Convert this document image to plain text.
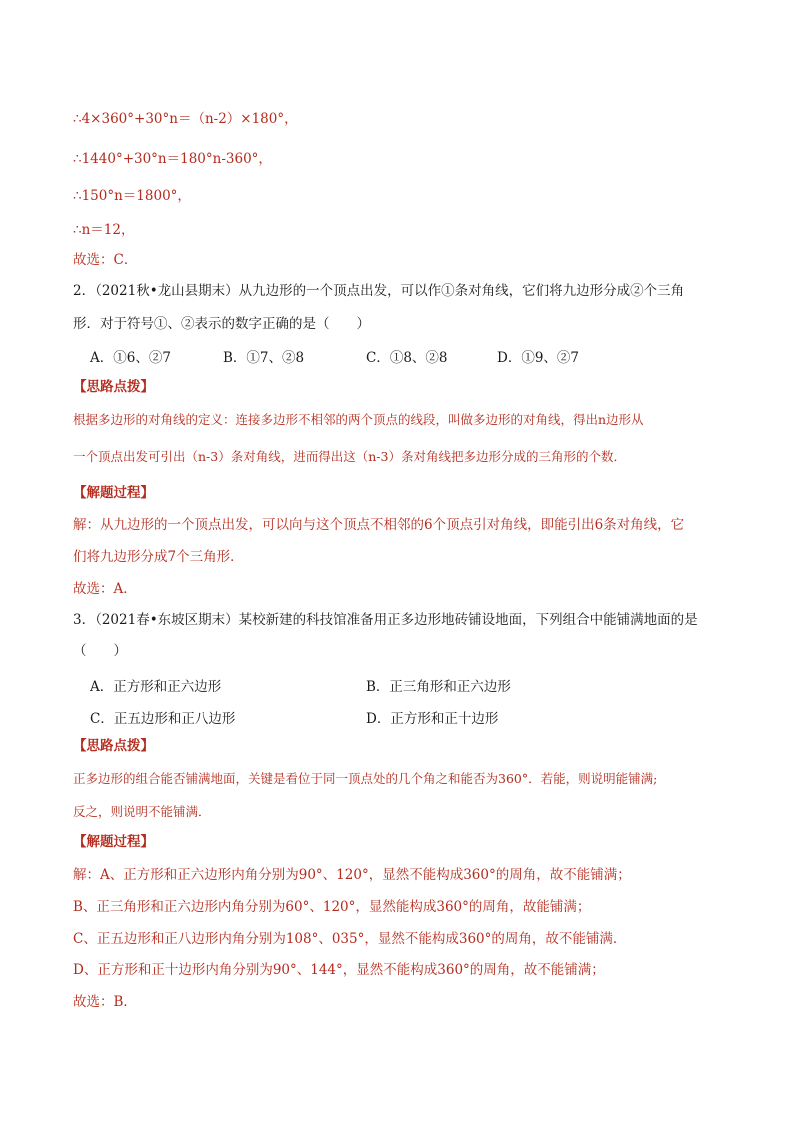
∴4×360°+30°n＝（n-2）×180°，
∴1440°+30°n＝180°n-360°，
∴150°n＝1800°，
∴n＝12，
故选：C．
2．（2021秋•龙山县期末）从九边形的一个顶点出发，可以作①条对角线，它们将九边形分成②个三角
形．对于符号①、②表示的数字正确的是（　　）
A．①6、②7	B．①7、②8	C．①8、②8	D．①9、②7
【思路点拨】
根据多边形的对角线的定义：连接多边形不相邻的两个顶点的线段，叫做多边形的对角线，得出n边形从
一个顶点出发可引出（n-3）条对角线，进而得出这（n-3）条对角线把多边形分成的三角形的个数．
【解题过程】
解：从九边形的一个顶点出发，可以向与这个顶点不相邻的6个顶点引对角线，即能引出6条对角线，它
们将九边形分成7个三角形．
故选：A．
3．（2021春•东坡区期末）某校新建的科技馆准备用正多边形地砖铺设地面，下列组合中能铺满地面的是
（　　）
A．正方形和正六边形	B．正三角形和正六边形
C．正五边形和正八边形	D．正方形和正十边形
【思路点拨】
正多边形的组合能否铺满地面，关键是看位于同一顶点处的几个角之和能否为360°．若能，则说明能铺满;
反之，则说明不能铺满．
【解题过程】
解：A、正方形和正六边形内角分别为90°、120°，显然不能构成360°的周角，故不能铺满；
B、正三角形和正六边形内角分别为60°、120°，显然能构成360°的周角，故能铺满；
C、正五边形和正八边形内角分别为108°、035°，显然不能构成360°的周角，故不能铺满．
D、正方形和正十边形内角分别为90°、144°，显然不能构成360°的周角，故不能铺满；
故选：B．
